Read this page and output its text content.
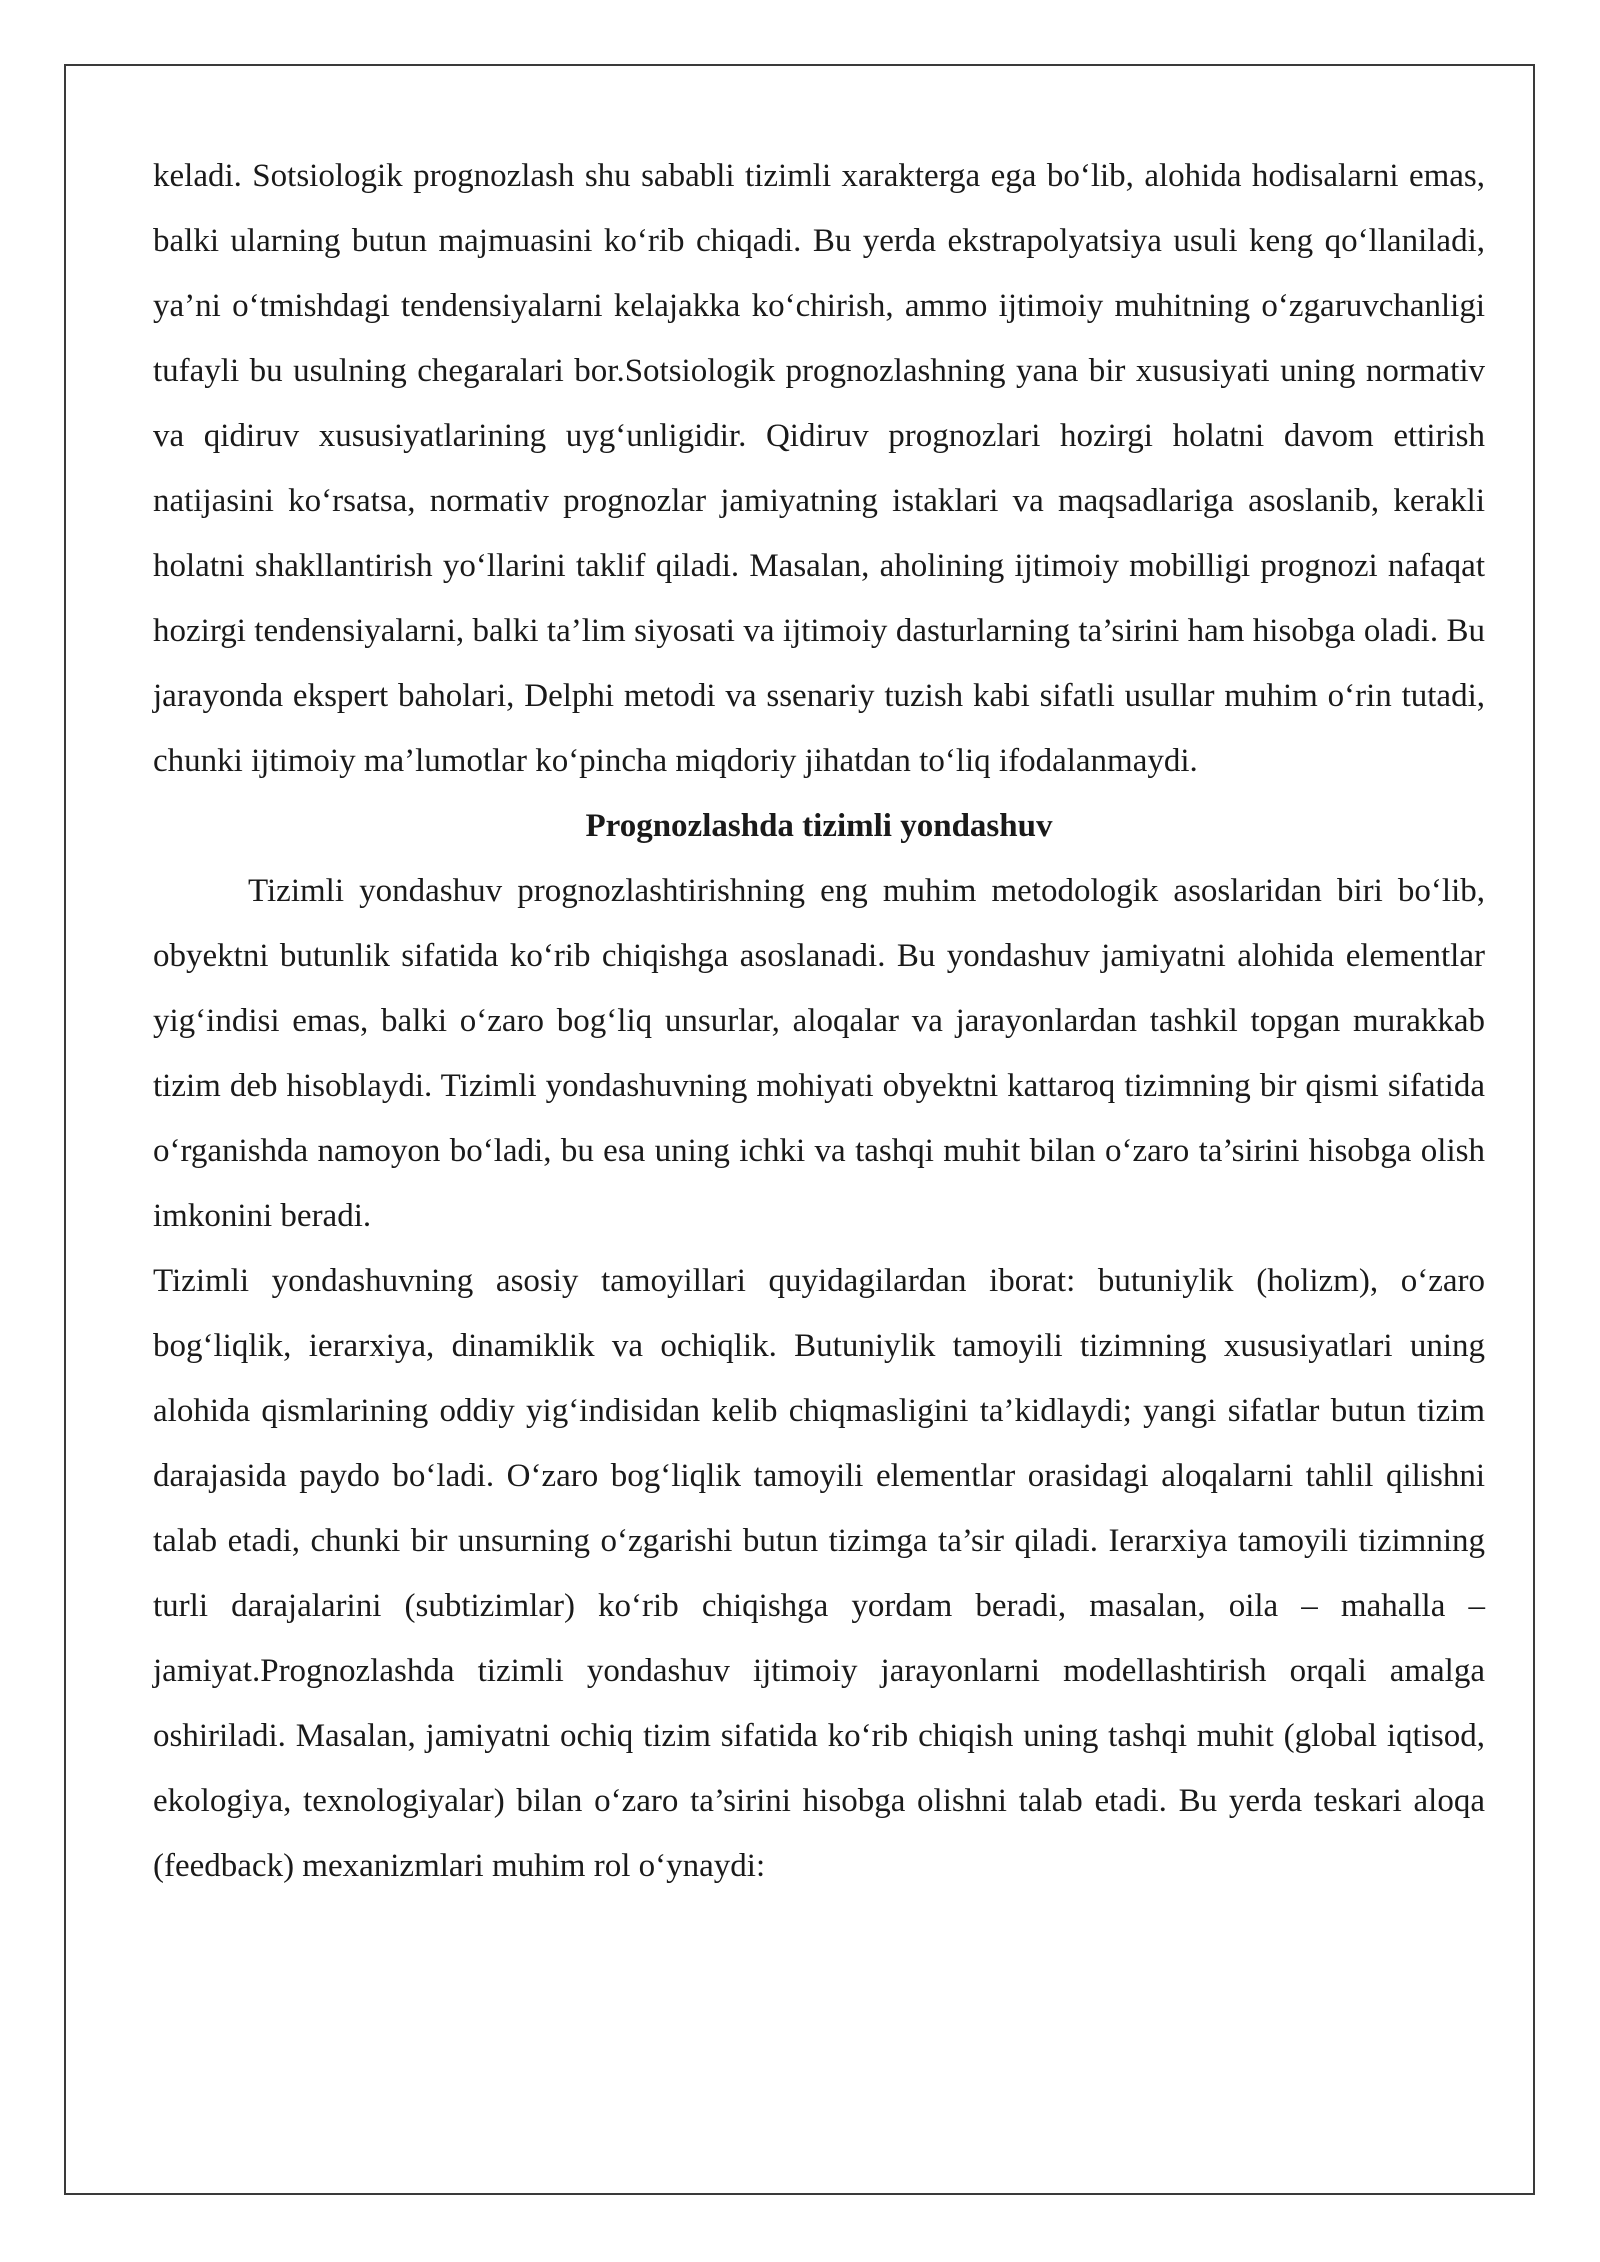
keladi. Sotsiologik prognozlash shu sababli tizimli xarakterga ega bo‘lib, alohida hodisalarni emas, balki ularning butun majmuasini ko‘rib chiqadi. Bu yerda ekstrapolyatsiya usuli keng qo‘llaniladi, ya’ni o‘tmishdagi tendensiyalarni kelajakka ko‘chirish, ammo ijtimoiy muhitning o‘zgaruvchanligi tufayli bu usulning chegaralari bor.Sotsiologik prognozlashning yana bir xususiyati uning normativ va qidiruv xususiyatlarining uyg‘unligidir. Qidiruv prognozlari hozirgi holatni davom ettirish natijasini ko‘rsatsa, normativ prognozlar jamiyatning istaklari va maqsadlariga asoslanib, kerakli holatni shakllantirish yo‘llarini taklif qiladi. Masalan, aholining ijtimoiy mobilligi prognozi nafaqat hozirgi tendensiyalarni, balki ta’lim siyosati va ijtimoiy dasturlarning ta’sirini ham hisobga oladi. Bu jarayonda ekspert baholari, Delphi metodi va ssenariy tuzish kabi sifatli usullar muhim o‘rin tutadi, chunki ijtimoiy ma’lumotlar ko‘pincha miqdoriy jihatdan to‘liq ifodalanmaydi.

Prognozlashda tizimli yondashuv

Tizimli yondashuv prognozlashtirishning eng muhim metodologik asoslaridan biri bo‘lib, obyektni butunlik sifatida ko‘rib chiqishga asoslanadi. Bu yondashuv jamiyatni alohida elementlar yig‘indisi emas, balki o‘zaro bog‘liq unsurlar, aloqalar va jarayonlardan tashkil topgan murakkab tizim deb hisoblaydi. Tizimli yondashuvning mohiyati obyektni kattaroq tizimning bir qismi sifatida o‘rganishda namoyon bo‘ladi, bu esa uning ichki va tashqi muhit bilan o‘zaro ta’sirini hisobga olish imkonini beradi.

Tizimli yondashuvning asosiy tamoyillari quyidagilardan iborat: butuniylik (holizm), o‘zaro bog‘liqlik, ierarxiya, dinamiklik va ochiqlik. Butuniylik tamoyili tizimning xususiyatlari uning alohida qismlarining oddiy yig‘indisidan kelib chiqmasligini ta’kidlaydi; yangi sifatlar butun tizim darajasida paydo bo‘ladi. O‘zaro bog‘liqlik tamoyili elementlar orasidagi aloqalarni tahlil qilishni talab etadi, chunki bir unsurning o‘zgarishi butun tizimga ta’sir qiladi. Ierarxiya tamoyili tizimning turli darajalarini (subtizimlar) ko‘rib chiqishga yordam beradi, masalan, oila – mahalla – jamiyat.Prognozlashda tizimli yondashuv ijtimoiy jarayonlarni modellashtirish orqali amalga oshiriladi. Masalan, jamiyatni ochiq tizim sifatida ko‘rib chiqish uning tashqi muhit (global iqtisod, ekologiya, texnologiyalar) bilan o‘zaro ta’sirini hisobga olishni talab etadi. Bu yerda teskari aloqa (feedback) mexanizmlari muhim rol o‘ynaydi:
